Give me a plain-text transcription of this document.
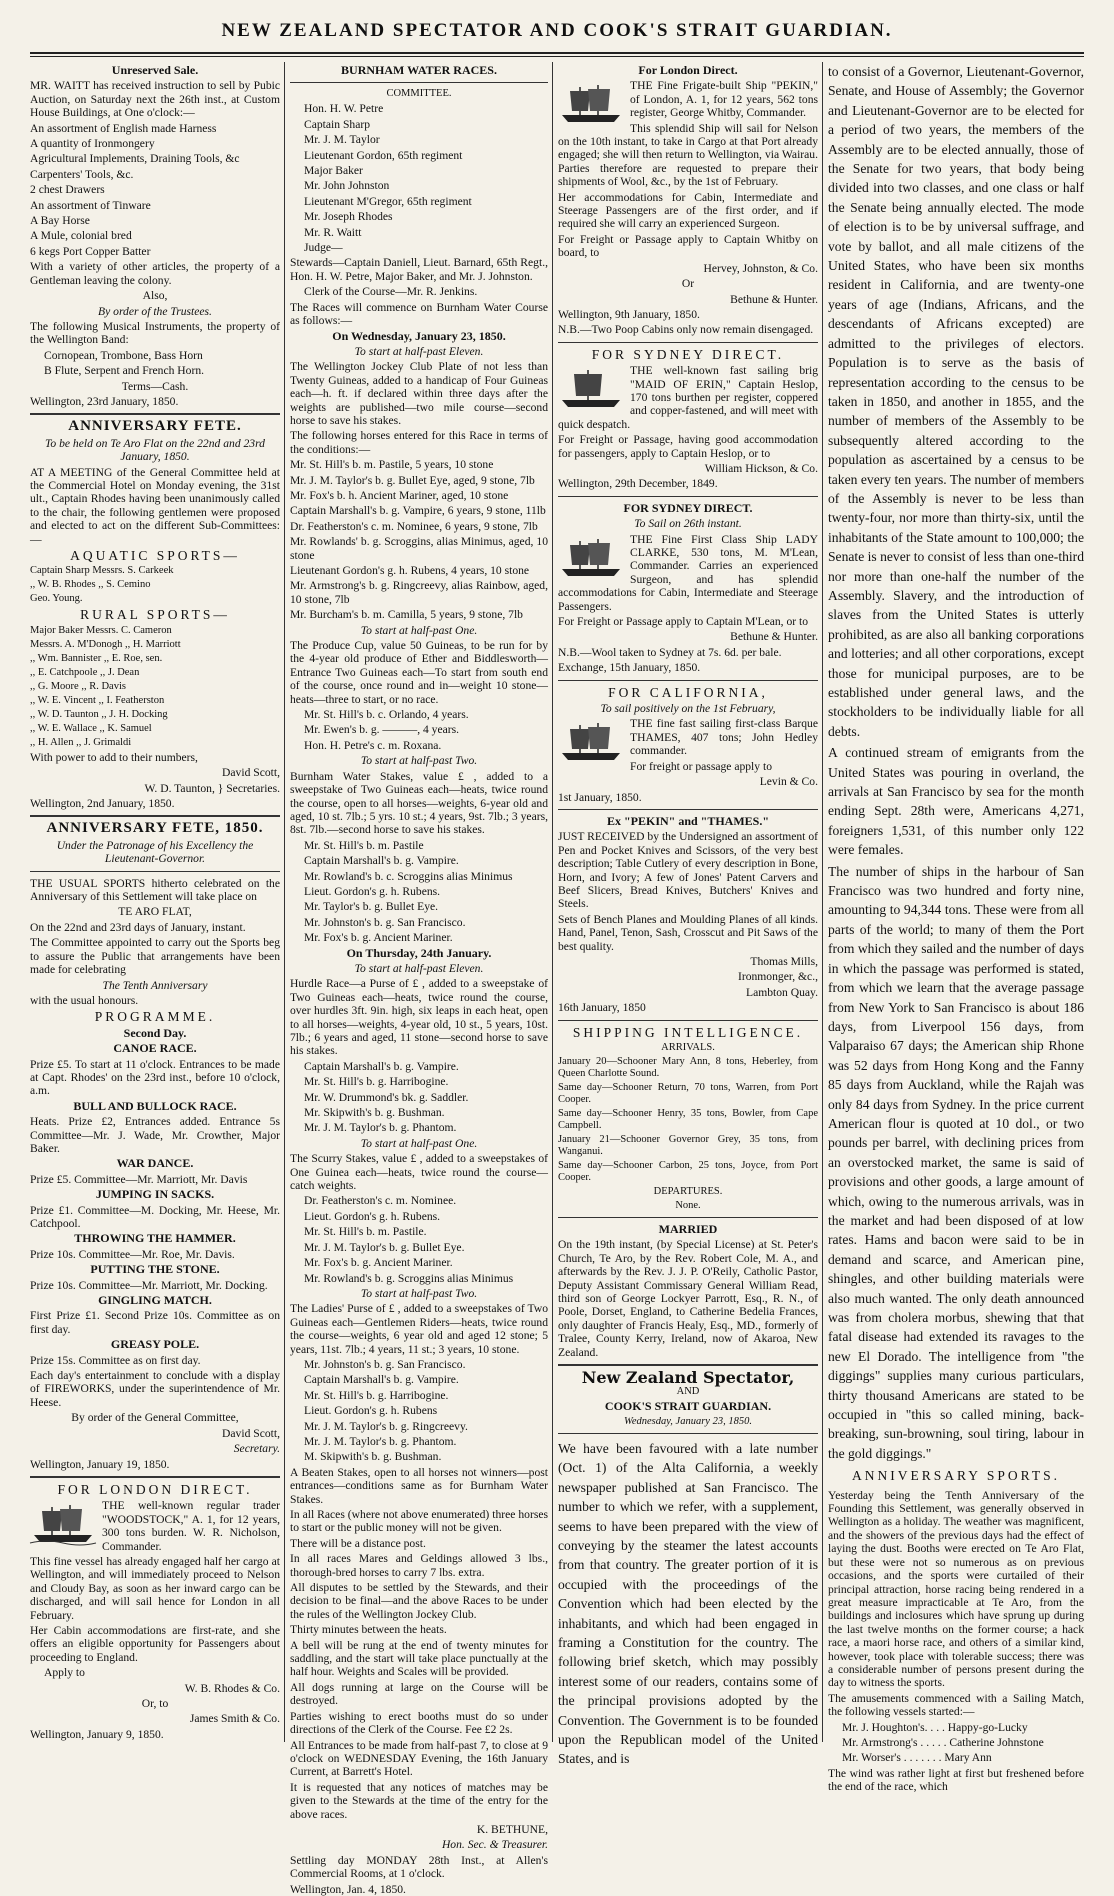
NEW ZEALAND SPECTATOR AND COOK'S STRAIT GUARDIAN.
Unreserved Sale.

MR. WAITT has received instruction to sell by Pubic Auction, on Saturday next the 26th inst., at Custom House Buildings, at One o'clock:—

An assortment of English made Harness

A quantity of Ironmongery

Agricultural Implements, Draining Tools, &c

Carpenters' Tools, &c.

2 chest Drawers

An assortment of Tinware

A Bay Horse

A Mule, colonial bred

6 kegs Port Copper Batter

With a variety of other articles, the property of a Gentleman leaving the colony.

Also,

By order of the Trustees.

The following Musical Instruments, the property of the Wellington Band:

Cornopean, Trombone, Bass Horn

B Flute, Serpent and French Horn.

Terms—Cash.

Wellington, 23rd January, 1850.

ANNIVERSARY FETE.

To be held on Te Aro Flat on the 22nd and 23rd January, 1850.

AT A MEETING of the General Committee held at the Commercial Hotel on Monday evening, the 31st ult., Captain Rhodes having been unanimously called to the chair, the following gentlemen were proposed and elected to act on the different Sub-Committees:—

AQUATIC SPORTS—

Captain Sharp Messrs. S. Carkeek

,, W. B. Rhodes ,, S. Cemino

Geo. Young.

RURAL SPORTS—

Major Baker Messrs. C. Cameron

Messrs. A. M'Donogh ,, H. Marriott

,, Wm. Bannister ,, E. Roe, sen.

,, E. Catchpoole ,, J. Dean

,, G. Moore ,, R. Davis

,, W. E. Vincent ,, I. Featherston

,, W. D. Taunton ,, J. H. Docking

,, W. E. Wallace ,, K. Samuel

,, H. Allen ,, J. Grimaldi

With power to add to their numbers,

David Scott,

W. D. Taunton, } Secretaries.

Wellington, 2nd January, 1850.

ANNIVERSARY FETE, 1850.

Under the Patronage of his Excellency the Lieutenant-Governor.

THE USUAL SPORTS hitherto celebrated on the Anniversary of this Settlement will take place on

TE ARO FLAT,

On the 22nd and 23rd days of January, instant.

The Committee appointed to carry out the Sports beg to assure the Public that arrangements have been made for celebrating

The Tenth Anniversary

with the usual honours.

PROGRAMME.
Second Day.
CANOE RACE.

Prize £5. To start at 11 o'clock. Entrances to be made at Capt. Rhodes' on the 23rd inst., before 10 o'clock, a.m.

BULL AND BULLOCK RACE.

Heats. Prize £2, Entrances added. Entrance 5s Committee—Mr. J. Wade, Mr. Crowther, Major Baker.

WAR DANCE.

Prize £5. Committee—Mr. Marriott, Mr. Davis

JUMPING IN SACKS.

Prize £1. Committee—M. Docking, Mr. Heese, Mr. Catchpool.

THROWING THE HAMMER.

Prize 10s. Committee—Mr. Roe, Mr. Davis.

PUTTING THE STONE.

Prize 10s. Committee—Mr. Marriott, Mr. Docking.

GINGLING MATCH.

First Prize £1. Second Prize 10s. Committee as on first day.

GREASY POLE.

Prize 15s. Committee as on first day.

Each day's entertainment to conclude with a display of FIREWORKS, under the superintendence of Mr. Heese.

By order of the General Committee,

David Scott,

Secretary.

Wellington, January 19, 1850.

FOR LONDON DIRECT.

THE well-known regular trader "WOODSTOCK," A. 1, for 12 years, 300 tons burden. W. R. Nicholson, Commander.

This fine vessel has already engaged half her cargo at Wellington, and will immediately proceed to Nelson and Cloudy Bay, as soon as her inward cargo can be discharged, and will sail hence for London in all February.

Her Cabin accommodations are first-rate, and she offers an eligible opportunity for Passengers about proceeding to England.

Apply to

W. B. Rhodes & Co.

Or, to

James Smith & Co.

Wellington, January 9, 1850.

BURNHAM WATER RACES.

COMMITTEE.

Hon. H. W. Petre

Captain Sharp

Mr. J. M. Taylor

Lieutenant Gordon, 65th regiment

Major Baker

Mr. John Johnston

Lieutenant M'Gregor, 65th regiment

Mr. Joseph Rhodes

Mr. R. Waitt

Judge—

Stewards—Captain Daniell, Lieut. Barnard, 65th Regt., Hon. H. W. Petre, Major Baker, and Mr. J. Johnston.

Clerk of the Course—Mr. R. Jenkins.

The Races will commence on Burnham Water Course as follows:—

On Wednesday, January 23, 1850.

To start at half-past Eleven.

The Wellington Jockey Club Plate of not less than Twenty Guineas, added to a handicap of Four Guineas each—h. ft. if declared within three days after the weights are published—two mile course—second horse to save his stakes.

The following horses entered for this Race in terms of the conditions:—

Mr. St. Hill's b. m. Pastile, 5 years, 10 stone

Mr. J. M. Taylor's b. g. Bullet Eye, aged, 9 stone, 7lb

Mr. Fox's b. h. Ancient Mariner, aged, 10 stone

Captain Marshall's b. g. Vampire, 6 years, 9 stone, 11lb

Dr. Featherston's c. m. Nominee, 6 years, 9 stone, 7lb

Mr. Rowlands' b. g. Scroggins, alias Minimus, aged, 10 stone

Lieutenant Gordon's g. h. Rubens, 4 years, 10 stone

Mr. Armstrong's b. g. Ringcreevy, alias Rainbow, aged, 10 stone, 7lb

Mr. Burcham's b. m. Camilla, 5 years, 9 stone, 7lb

To start at half-past One.

The Produce Cup, value 50 Guineas, to be run for by the 4-year old produce of Ether and Biddlesworth—Entrance Two Guineas each—To start from south end of the course, once round and in—weight 10 stone—heats—three to start, or no race.

Mr. St. Hill's b. c. Orlando, 4 years.

Mr. Ewen's b. g. ———, 4 years.

Hon. H. Petre's c. m. Roxana.

To start at half-past Two.

Burnham Water Stakes, value £ , added to a sweepstake of Two Guineas each—heats, twice round the course, open to all horses—weights, 6-year old and aged, 10 st. 7lb.; 5 yrs. 10 st.; 4 years, 9st. 7lb.; 3 years, 8st. 7lb.—second horse to save his stakes.

Mr. St. Hill's b. m. Pastile

Captain Marshall's b. g. Vampire.

Mr. Rowland's b. c. Scroggins alias Minimus

Lieut. Gordon's g. h. Rubens.

Mr. Taylor's b. g. Bullet Eye.

Mr. Johnston's b. g. San Francisco.

Mr. Fox's b. g. Ancient Mariner.

On Thursday, 24th January.

To start at half-past Eleven.

Hurdle Race—a Purse of £ , added to a sweepstake of Two Guineas each—heats, twice round the course, over hurdles 3ft. 9in. high, six leaps in each heat, open to all horses—weights, 4-year old, 10 st., 5 years, 10st. 7lb.; 6 years and aged, 11 stone—second horse to save his stakes.

Captain Marshall's b. g. Vampire.

Mr. St. Hill's b. g. Harribogine.

Mr. W. Drummond's bk. g. Saddler.

Mr. Skipwith's b. g. Bushman.

Mr. J. M. Taylor's b. g. Phantom.

To start at half-past One.

The Scurry Stakes, value £ , added to a sweepstakes of One Guinea each—heats, twice round the course—catch weights.

Dr. Featherston's c. m. Nominee.

Lieut. Gordon's g. h. Rubens.

Mr. St. Hill's b. m. Pastile.

Mr. J. M. Taylor's b. g. Bullet Eye.

Mr. Fox's b. g. Ancient Mariner.

Mr. Rowland's b. g. Scroggins alias Minimus

To start at half-past Two.

The Ladies' Purse of £ , added to a sweepstakes of Two Guineas each—Gentlemen Riders—heats, twice round the course—weights, 6 year old and aged 12 stone; 5 years, 11st. 7lb.; 4 years, 11 st.; 3 years, 10 stone.

Mr. Johnston's b. g. San Francisco.

Captain Marshall's b. g. Vampire.

Mr. St. Hill's b. g. Harribogine.

Lieut. Gordon's g. h. Rubens

Mr. J. M. Taylor's b. g. Ringcreevy.

Mr. J. M. Taylor's b. g. Phantom.

M. Skipwith's b. g. Bushman.

A Beaten Stakes, open to all horses not winners—post entrances—conditions same as for Burnham Water Stakes.

In all Races (where not above enumerated) three horses to start or the public money will not be given.

There will be a distance post.

In all races Mares and Geldings allowed 3 lbs., thorough-bred horses to carry 7 lbs. extra.

All disputes to be settled by the Stewards, and their decision to be final—and the above Races to be under the rules of the Wellington Jockey Club.

Thirty minutes between the heats.

A bell will be rung at the end of twenty minutes for saddling, and the start will take place punctually at the half hour. Weights and Scales will be provided.

All dogs running at large on the Course will be destroyed.

Parties wishing to erect booths must do so under directions of the Clerk of the Course. Fee £2 2s.

All Entrances to be made from half-past 7, to close at 9 o'clock on WEDNESDAY Evening, the 16th January Current, at Barrett's Hotel.

It is requested that any notices of matches may be given to the Stewards at the time of the entry for the above races.

K. BETHUNE,

Hon. Sec. & Treasurer.

Settling day MONDAY 28th Inst., at Allen's Commercial Rooms, at 1 o'clock.

Wellington, Jan. 4, 1850.

For London Direct.

THE Fine Frigate-built Ship "PEKIN," of London, A. 1, for 12 years, 562 tons register, George Whitby, Commander.

This splendid Ship will sail for Nelson on the 10th instant, to take in Cargo at that Port already engaged; she will then return to Wellington, via Wairau. Parties therefore are requested to prepare their shipments of Wool, &c., by the 1st of February.

Her accommodations for Cabin, Intermediate and Steerage Passengers are of the first order, and if required she will carry an experienced Surgeon.

For Freight or Passage apply to Captain Whitby on board, to

Hervey, Johnston, & Co.

Or

Bethune & Hunter.

Wellington, 9th January, 1850.

N.B.—Two Poop Cabins only now remain disengaged.

FOR SYDNEY DIRECT.

THE well-known fast sailing brig "MAID OF ERIN," Captain Heslop, 170 tons burthen per register, coppered and copper-fastened, and will meet with quick despatch.

For Freight or Passage, having good accommodation for passengers, apply to Captain Heslop, or to

William Hickson, & Co.

Wellington, 29th December, 1849.

FOR SYDNEY DIRECT.

To Sail on 26th instant.

THE Fine First Class Ship LADY CLARKE, 530 tons, M. M'Lean, Commander. Carries an experienced Surgeon, and has splendid accommodations for Cabin, Intermediate and Steerage Passengers.

For Freight or Passage apply to Captain M'Lean, or to

Bethune & Hunter.

N.B.—Wool taken to Sydney at 7s. 6d. per bale.

Exchange, 15th January, 1850.

FOR CALIFORNIA,

To sail positively on the 1st February,

THE fine fast sailing first-class Barque THAMES, 407 tons; John Hedley commander.

For freight or passage apply to

Levin & Co.

1st January, 1850.

Ex "PEKIN" and "THAMES."

JUST RECEIVED by the Undersigned an assortment of Pen and Pocket Knives and Scissors, of the very best description; Table Cutlery of every description in Bone, Horn, and Ivory; A few of Jones' Patent Carvers and Beef Slicers, Bread Knives, Butchers' Knives and Steels.

Sets of Bench Planes and Moulding Planes of all kinds. Hand, Panel, Tenon, Sash, Crosscut and Pit Saws of the best quality.

Thomas Mills,

Ironmonger, &c.,

Lambton Quay.

16th January, 1850

SHIPPING INTELLIGENCE.

ARRIVALS.

January 20—Schooner Mary Ann, 8 tons, Heberley, from Queen Charlotte Sound.

Same day—Schooner Return, 70 tons, Warren, from Port Cooper.

Same day—Schooner Henry, 35 tons, Bowler, from Cape Campbell.

January 21—Schooner Governor Grey, 35 tons, from Wanganui.

Same day—Schooner Carbon, 25 tons, Joyce, from Port Cooper.

DEPARTURES.

None.

MARRIED

On the 19th instant, (by Special License) at St. Peter's Church, Te Aro, by the Rev. Robert Cole, M. A., and afterwards by the Rev. J. J. P. O'Reily, Catholic Pastor, Deputy Assistant Commissary General William Read, third son of George Lockyer Parrott, Esq., R. N., of Poole, Dorset, England, to Catherine Bedelia Frances, only daughter of Francis Healy, Esq., MD., formerly of Tralee, County Kerry, Ireland, now of Akaroa, New Zealand.

New Zealand Spectator,

AND

COOK'S STRAIT GUARDIAN.

Wednesday, January 23, 1850.

We have been favoured with a late number (Oct. 1) of the Alta California, a weekly newspaper published at San Francisco. The number to which we refer, with a supplement, seems to have been prepared with the view of conveying by the steamer the latest accounts from that country. The greater portion of it is occupied with the proceedings of the Convention which had been elected by the inhabitants, and which had been engaged in framing a Constitution for the country. The following brief sketch, which may possibly interest some of our readers, contains some of the principal provisions adopted by the Convention. The Government is to be founded upon the Republican model of the United States, and is

to consist of a Governor, Lieutenant-Governor, Senate, and House of Assembly; the Governor and Lieutenant-Governor are to be elected for a period of two years, the members of the Assembly are to be elected annually, those of the Senate for two years, that body being divided into two classes, and one class or half the Senate being annually elected. The mode of election is to be by universal suffrage, and vote by ballot, and all male citizens of the United States, who have been six months resident in California, and are twenty-one years of age (Indians, Africans, and the descendants of Africans excepted) are admitted to the privileges of electors. Population is to serve as the basis of representation according to the census to be taken in 1850, and another in 1855, and the number of members of the Assembly to be subsequently altered according to the population as ascertained by a census to be taken every ten years. The number of members of the Assembly is never to be less than twenty-four, nor more than thirty-six, until the inhabitants of the State amount to 100,000; the Senate is never to consist of less than one-third nor more than one-half the number of the Assembly. Slavery, and the introduction of slaves from the United States is utterly prohibited, as are also all banking corporations and lotteries; and all other corporations, except those for municipal purposes, are to be established under general laws, and the stockholders to be individually liable for all debts.

A continued stream of emigrants from the United States was pouring in overland, the arrivals at San Francisco by sea for the month ending Sept. 28th were, Americans 4,271, foreigners 1,531, of this number only 122 were females.

The number of ships in the harbour of San Francisco was two hundred and forty nine, amounting to 94,344 tons. These were from all parts of the world; to many of them the Port from which they sailed and the number of days in which the passage was performed is stated, from which we learn that the average passage from New York to San Francisco is about 186 days, from Liverpool 156 days, from Valparaiso 67 days; the American ship Rhone was 52 days from Hong Kong and the Fanny 85 days from Auckland, while the Rajah was only 84 days from Sydney. In the price current American flour is quoted at 10 dol., or two pounds per barrel, with declining prices from an overstocked market, the same is said of provisions and other goods, a large amount of which, owing to the numerous arrivals, was in the market and had been disposed of at low rates. Hams and bacon were said to be in demand and scarce, and American pine, shingles, and other building materials were also much wanted. The only death announced was from cholera morbus, shewing that that fatal disease had extended its ravages to the new El Dorado. The intelligence from "the diggings" supplies many curious particulars, thirty thousand Americans are stated to be occupied in "this so called mining, back-breaking, sun-browning, soul tiring, labour in the gold diggings."

ANNIVERSARY SPORTS.

Yesterday being the Tenth Anniversary of the Founding this Settlement, was generally observed in Wellington as a holiday. The weather was magnificent, and the showers of the previous days had the effect of laying the dust. Booths were erected on Te Aro Flat, but these were not so numerous as on previous occasions, and the sports were curtailed of their principal attraction, horse racing being rendered in a great measure impracticable at Te Aro, from the buildings and inclosures which have sprung up during the last twelve months on the former course; a hack race, a maori horse race, and others of a similar kind, however, took place with tolerable success; there was a considerable number of persons present during the day to witness the sports.

The amusements commenced with a Sailing Match, the following vessels started:—

Mr. J. Houghton's. . . . Happy-go-Lucky

Mr. Armstrong's . . . . . Catherine Johnstone

Mr. Worser's . . . . . . . Mary Ann

The wind was rather light at first but freshened before the end of the race, which
